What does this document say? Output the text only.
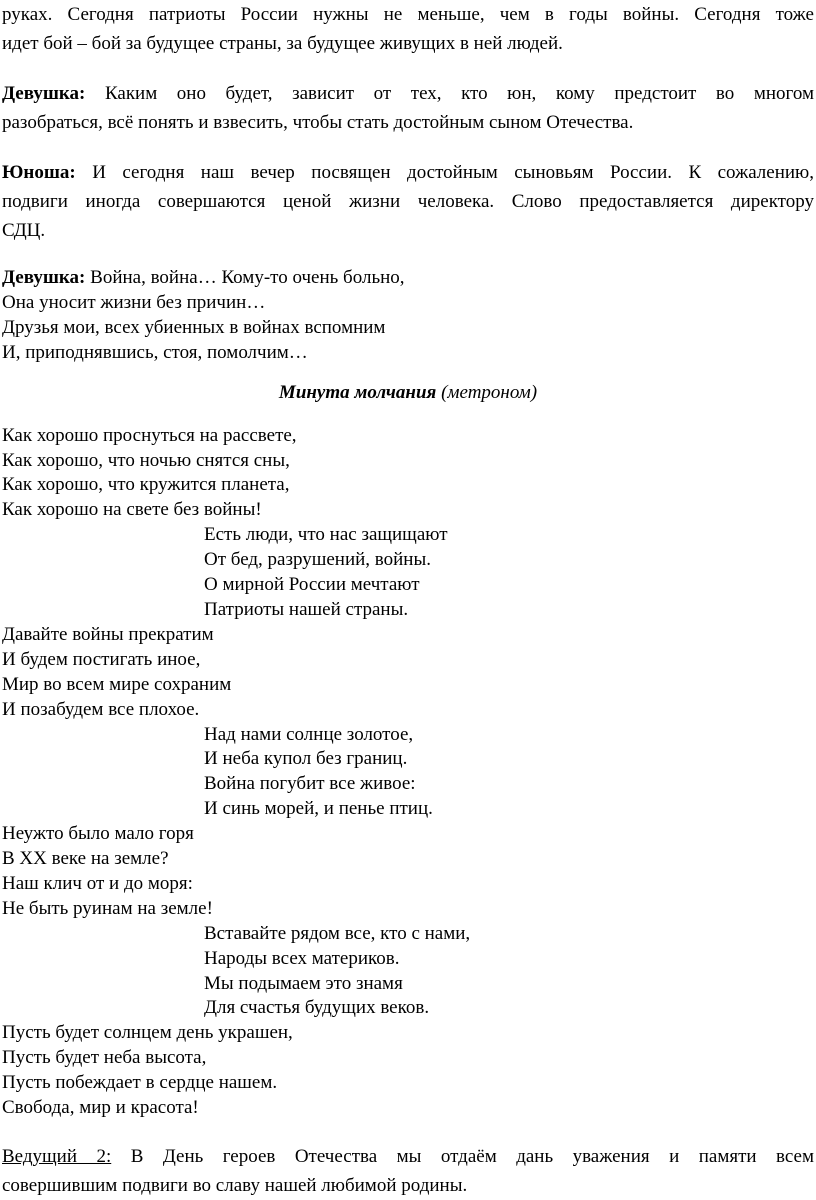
руках. Сегодня патриоты России нужны не меньше, чем в годы войны. Сегодня тоже
идет бой – бой за будущее страны, за будущее живущих в ней людей.
Девушка: Каким оно будет, зависит от тех, кто юн, кому предстоит во многом
разобраться, всё понять и взвесить, чтобы стать достойным сыном Отечества.
Юноша: И сегодня наш вечер посвящен достойным сыновьям России. К сожалению,
подвиги иногда совершаются ценой жизни человека. Слово предоставляется директору
СДЦ.
Девушка: Война, война… Кому-то очень больно,
Она уносит жизни без причин…
Друзья мои, всех убиенных в войнах вспомним
И, приподнявшись, стоя, помолчим…
Минута молчания (метроном)
Как хорошо проснуться на рассвете,
Как хорошо, что ночью снятся сны,
Как хорошо, что кружится планета,
Как хорошо на свете без войны!
Есть люди, что нас защищают
От бед, разрушений, войны.
О мирной России мечтают
Патриоты нашей страны.
Давайте войны прекратим
И будем постигать иное,
Мир во всем мире сохраним
И позабудем все плохое.
Над нами солнце золотое,
И неба купол без границ.
Война погубит все живое:
И синь морей, и пенье птиц.
Неужто было мало горя
В ХХ веке на земле?
Наш клич от и до моря:
Не быть руинам на земле!
Вставайте рядом все, кто с нами,
Народы всех материков.
Мы подымаем это знамя
Для счастья будущих веков.
Пусть будет солнцем день украшен,
Пусть будет неба высота,
Пусть побеждает в сердце нашем.
Свобода, мир и красота!
Ведущий 2: В День героев Отечества мы отдаём дань уважения и памяти всем
совершившим подвиги во славу нашей любимой родины.
